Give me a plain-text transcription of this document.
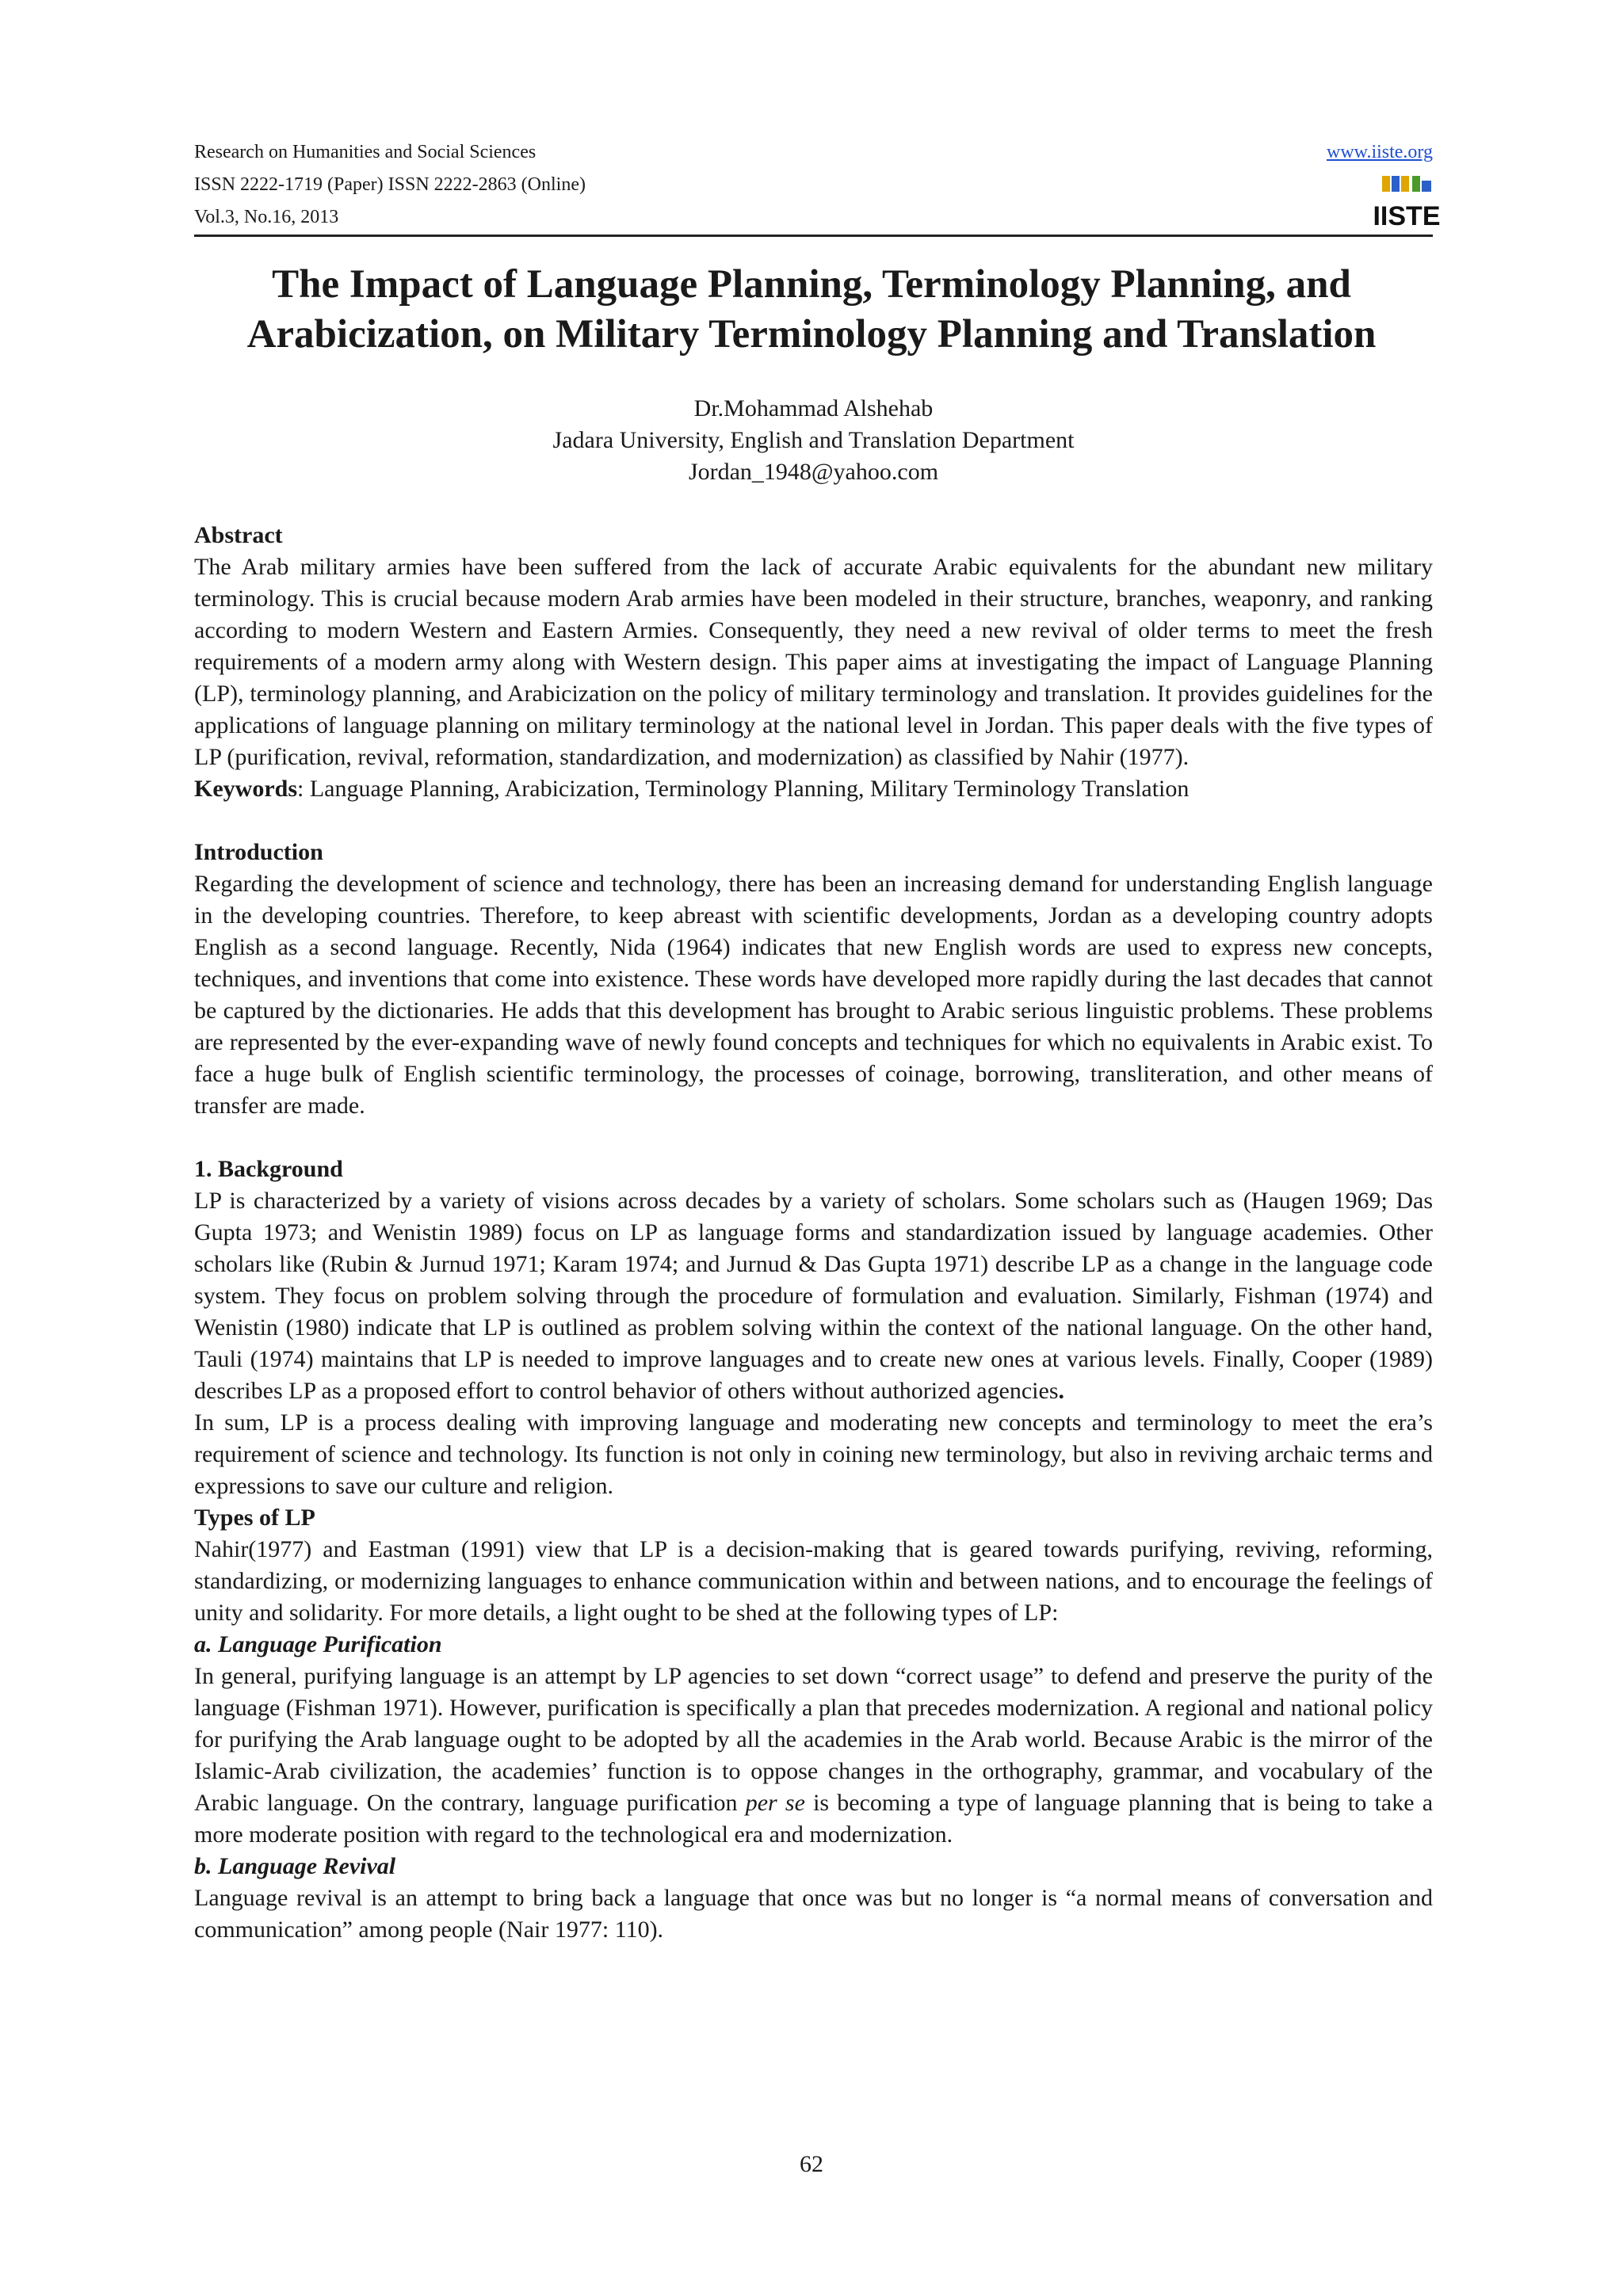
Research on Humanities and Social Sciences
ISSN 2222-1719 (Paper) ISSN 2222-2863 (Online)
Vol.3, No.16, 2013
www.iiste.org
IISTE
The Impact of Language Planning, Terminology Planning, and Arabicization, on Military Terminology Planning and Translation
Dr.Mohammad Alshehab
Jadara University, English and Translation Department
Jordan_1948@yahoo.com

Abstract

The Arab military armies have been suffered from the lack of accurate Arabic equivalents for the abundant new military terminology. This is crucial because modern Arab armies have been modeled in their structure, branches, weaponry, and ranking according to modern Western and Eastern Armies. Consequently, they need a new revival of older terms to meet the fresh requirements of a modern army along with Western design. This paper aims at investigating the impact of Language Planning (LP), terminology planning, and Arabicization on the policy of military terminology and translation. It provides guidelines for the applications of language planning on military terminology at the national level in Jordan. This paper deals with the five types of LP (purification, revival, reformation, standardization, and modernization) as classified by Nahir (1977).

Keywords: Language Planning, Arabicization, Terminology Planning, Military Terminology Translation

Introduction

Regarding the development of science and technology, there has been an increasing demand for understanding English language in the developing countries. Therefore, to keep abreast with scientific developments, Jordan as a developing country adopts English as a second language. Recently, Nida (1964) indicates that new English words are used to express new concepts, techniques, and inventions that come into existence. These words have developed more rapidly during the last decades that cannot be captured by the dictionaries. He adds that this development has brought to Arabic serious linguistic problems. These problems are represented by the ever-expanding wave of newly found concepts and techniques for which no equivalents in Arabic exist. To face a huge bulk of English scientific terminology, the processes of coinage, borrowing, transliteration, and other means of transfer are made.

1. Background

LP is characterized by a variety of visions across decades by a variety of scholars. Some scholars such as (Haugen 1969; Das Gupta 1973; and Wenistin 1989) focus on LP as language forms and standardization issued by language academies. Other scholars like (Rubin & Jurnud 1971; Karam 1974; and Jurnud & Das Gupta 1971) describe LP as a change in the language code system. They focus on problem solving through the procedure of formulation and evaluation. Similarly, Fishman (1974) and Wenistin (1980) indicate that LP is outlined as problem solving within the context of the national language. On the other hand, Tauli (1974) maintains that LP is needed to improve languages and to create new ones at various levels. Finally, Cooper (1989) describes LP as a proposed effort to control behavior of others without authorized agencies.

In sum, LP is a process dealing with improving language and moderating new concepts and terminology to meet the era’s requirement of science and technology. Its function is not only in coining new terminology, but also in reviving archaic terms and expressions to save our culture and religion.

Types of LP

Nahir(1977) and Eastman (1991) view that LP is a decision-making that is geared towards purifying, reviving, reforming, standardizing, or modernizing languages to enhance communication within and between nations, and to encourage the feelings of unity and solidarity. For more details, a light ought to be shed at the following types of LP:

a. Language Purification

In general, purifying language is an attempt by LP agencies to set down “correct usage” to defend and preserve the purity of the language (Fishman 1971). However, purification is specifically a plan that precedes modernization. A regional and national policy for purifying the Arab language ought to be adopted by all the academies in the Arab world. Because Arabic is the mirror of the Islamic-Arab civilization, the academies’ function is to oppose changes in the orthography, grammar, and vocabulary of the Arabic language. On the contrary, language purification per se is becoming a type of language planning that is being to take a more moderate position with regard to the technological era and modernization.

b. Language Revival

Language revival is an attempt to bring back a language that once was but no longer is “a normal means of conversation and communication” among people (Nair 1977: 110).

62
